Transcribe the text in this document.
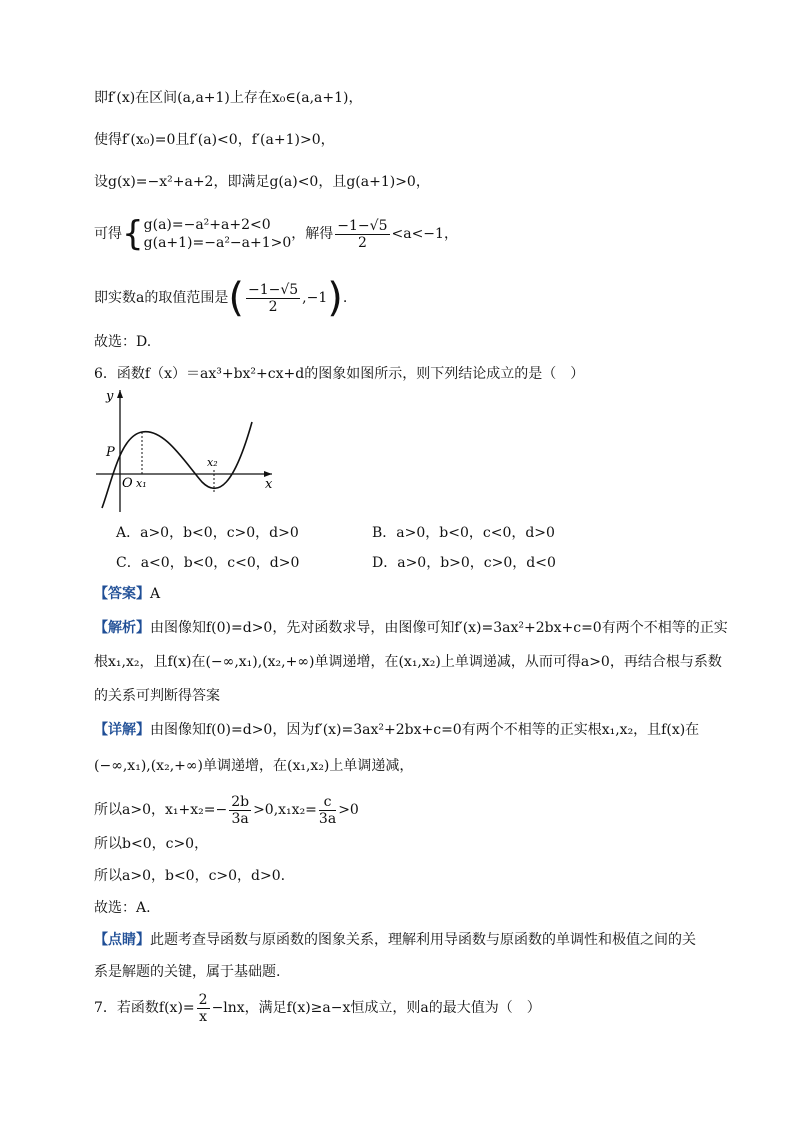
即f′(x)在区间(a,a+1)上存在x₀∈(a,a+1)，
使得f′(x₀)=0且f′(a)<0，f′(a+1)>0，
设g(x)=−x²+a+2，即满足g(a)<0，且g(a+1)>0，
可得{ g(a)=−a²+a+2<0
g(a+1)=−a²−a+1>0
，解得 $\frac{-1-√5}{2} <a<-1$，
即实数a的取值范围是( $\frac{-1-√5}{2} ,-1$).
故选：D.
6．函数f（x）＝ax³+bx²+cx+d的图象如图所示，则下列结论成立的是（　）
y
x
P
O x₁
x₂
A．a>0，b<0，c>0，d>0	B．a>0，b<0，c<0，d>0
C．a<0，b<0，c<0，d>0	D．a>0，b>0，c>0，d<0
【答案】A
【解析】由图像知f(0)=d>0，先对函数求导，由图像可知f′(x)=3ax²+2bx+c=0有两个不相等的正实
根x₁,x₂，且f(x)在(−∞,x₁),(x₂,+∞)单调递增，在(x₁,x₂)上单调递减，从而可得a>0，再结合根与系数
的关系可判断得答案
【详解】由图像知f(0)=d>0，因为f′(x)=3ax²+2bx+c=0有两个不相等的正实根x₁,x₂，且f(x)在
(−∞,x₁),(x₂,+∞)单调递增，在(x₁,x₂)上单调递减，
所以a>0，$x_1+x_2=- \frac{2b}{3a} >0,x_1x_2= \frac{c}{3a} >0$
所以b<0，c>0，
所以a>0，b<0，c>0，d>0.
故选：A.
【点睛】此题考查导函数与原函数的图象关系，理解利用导函数与原函数的单调性和极值之间的关
系是解题的关键，属于基础题.
7．若函数$f(x)= \frac{2}{x} -\ln x$，满足f(x)≥a−x恒成立，则a的最大值为（　）
